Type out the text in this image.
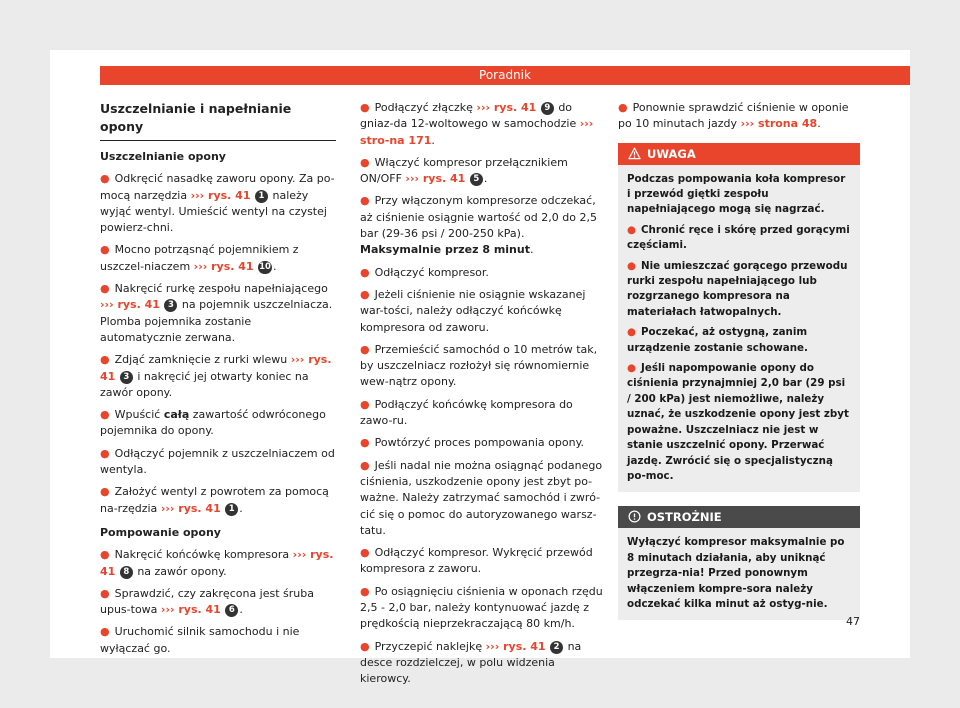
Poradnik
Uszczelnianie i napełnianie opony
Uszczelnianie opony

● Odkręcić nasadkę zaworu opony. Za po-mocą narzędzia ››› rys. 41 1 należy wyjąć wentyl. Umieścić wentyl na czystej powierz-chni.

● Mocno potrząsnąć pojemnikiem z uszczel-niaczem ››› rys. 41 10 .

● Nakręcić rurkę zespołu napełniającego
››› rys. 41 3 na pojemnik uszczelniacza. Plomba pojemnika zostanie automatycznie zerwana.

● Zdjąć zamknięcie z rurki wlewu ››› rys. 41 3 i nakręcić jej otwarty koniec na zawór opony.

● Wpuścić całą zawartość odwróconego pojemnika do opony.

● Odłączyć pojemnik z uszczelniaczem od wentyla.

● Założyć wentyl z powrotem za pomocą na-rzędzia ››› rys. 41 1 .

Pompowanie opony

● Nakręcić końcówkę kompresora ››› rys. 41 8 na zawór opony.

● Sprawdzić, czy zakręcona jest śruba upus-towa ››› rys. 41 6 .

● Uruchomić silnik samochodu i nie wyłączać go.

● Podłączyć złączkę ››› rys. 41 9 do gniaz-da 12-woltowego w samochodzie ››› stro-na 171.

● Włączyć kompresor przełącznikiem ON/OFF ››› rys. 41 5 .

● Przy włączonym kompresorze odczekać, aż ciśnienie osiągnie wartość od 2,0 do 2,5 bar (29-36 psi / 200-250 kPa). Maksymalnie przez 8 minut.

● Odłączyć kompresor.

● Jeżeli ciśnienie nie osiągnie wskazanej war-tości, należy odłączyć końcówkę kompresora od zaworu.

● Przemieścić samochód o 10 metrów tak, by uszczelniacz rozłożył się równomiernie wew-nątrz opony.

● Podłączyć końcówkę kompresora do zawo-ru.

● Powtórzyć proces pompowania opony.

● Jeśli nadal nie można osiągnąć podanego ciśnienia, uszkodzenie opony jest zbyt po-ważne. Należy zatrzymać samochód i zwró-cić się o pomoc do autoryzowanego warsz-tatu.

● Odłączyć kompresor. Wykręcić przewód kompresora z zaworu.

● Po osiągnięciu ciśnienia w oponach rzędu 2,5 - 2,0 bar, należy kontynuować jazdę z prędkością nieprzekraczającą 80 km/h.

● Przyczepić naklejkę ››› rys. 41 2 na desce rozdzielczej, w polu widzenia kierowcy.

● Ponownie sprawdzić ciśnienie w oponie po 10 minutach jazdy ››› strona 48.

UWAGA

Podczas pompowania koła kompresor i przewód giętki zespołu napełniającego mogą się nagrzać.

● Chronić ręce i skórę przed gorącymi częściami.

● Nie umieszczać gorącego przewodu rurki zespołu napełniającego lub rozgrzanego kompresora na materiałach łatwopalnych.

● Poczekać, aż ostygną, zanim urządzenie zostanie schowane.

● Jeśli napompowanie opony do ciśnienia przynajmniej 2,0 bar (29 psi / 200 kPa) jest niemożliwe, należy uznać, że uszkodzenie opony jest zbyt poważne. Uszczelniacz nie jest w stanie uszczelnić opony. Przerwać jazdę. Zwrócić się o specjalistyczną po-moc.

OSTROŻNIE

Wyłączyć kompresor maksymalnie po 8 minutach działania, aby uniknąć przegrza-nia! Przed ponownym włączeniem kompre-sora należy odczekać kilka minut aż ostyg-nie.

47
